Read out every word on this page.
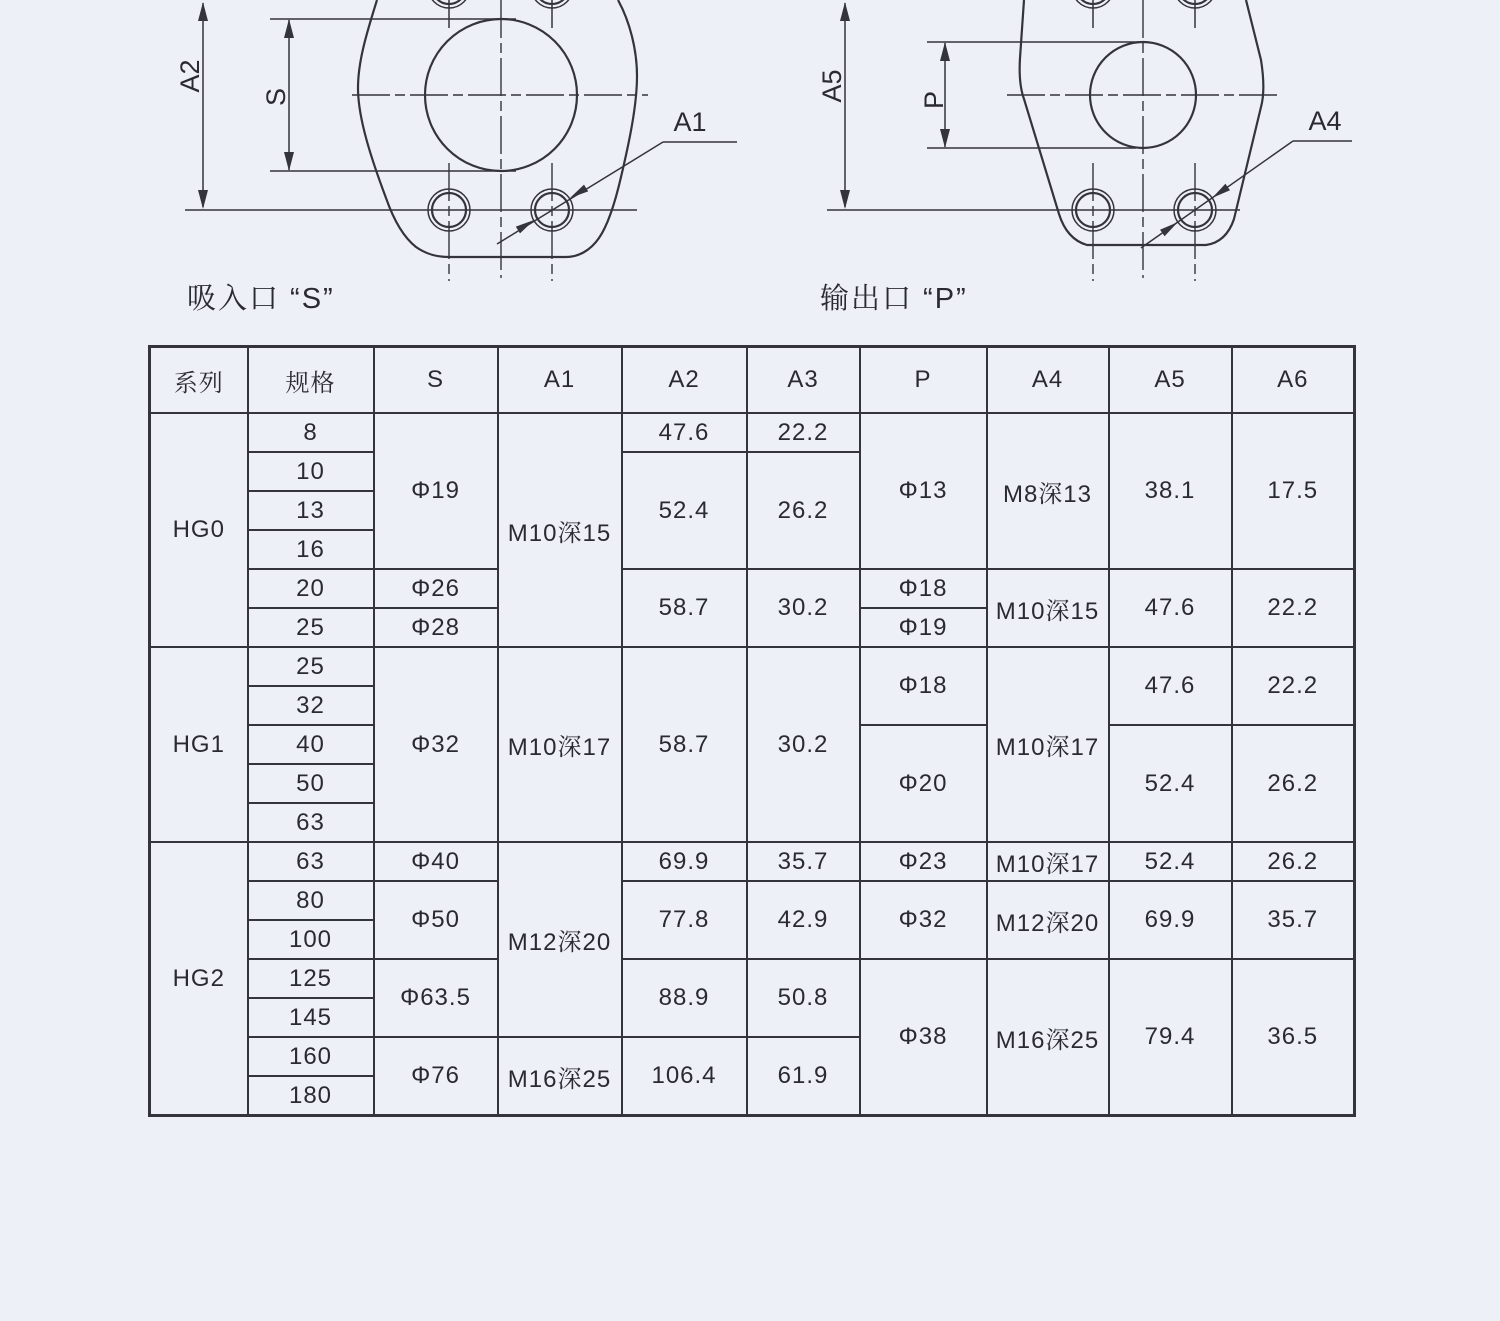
A2
S
A1
A5	P
A4
吸入口 “S”	输出口 “P”
系列	规格	S	A1	A2	A3	P	A4	A5	A6
HG0	8	Φ19	M10深15	47.6	22.2	Φ13	M8深13	38.1	17.5
	10			52.4	26.2				
	13								
	16								
	20	Φ26		58.7	30.2	Φ18	M10深15	47.6	22.2
	25	Φ28				Φ19			
HG1	25	Φ32	M10深17	58.7	30.2	Φ18	M10深17	47.6	22.2
	32								
	40					Φ20		52.4	26.2
	50								
	63								
HG2	63	Φ40	M12深20	69.9	35.7	Φ23	M10深17	52.4	26.2
	80	Φ50		77.8	42.9	Φ32	M12深20	69.9	35.7
	100								
	125	Φ63.5		88.9	50.8	Φ38	M16深25	79.4	36.5
	145								
	160	Φ76	M16深25	106.4	61.9				
	180								
